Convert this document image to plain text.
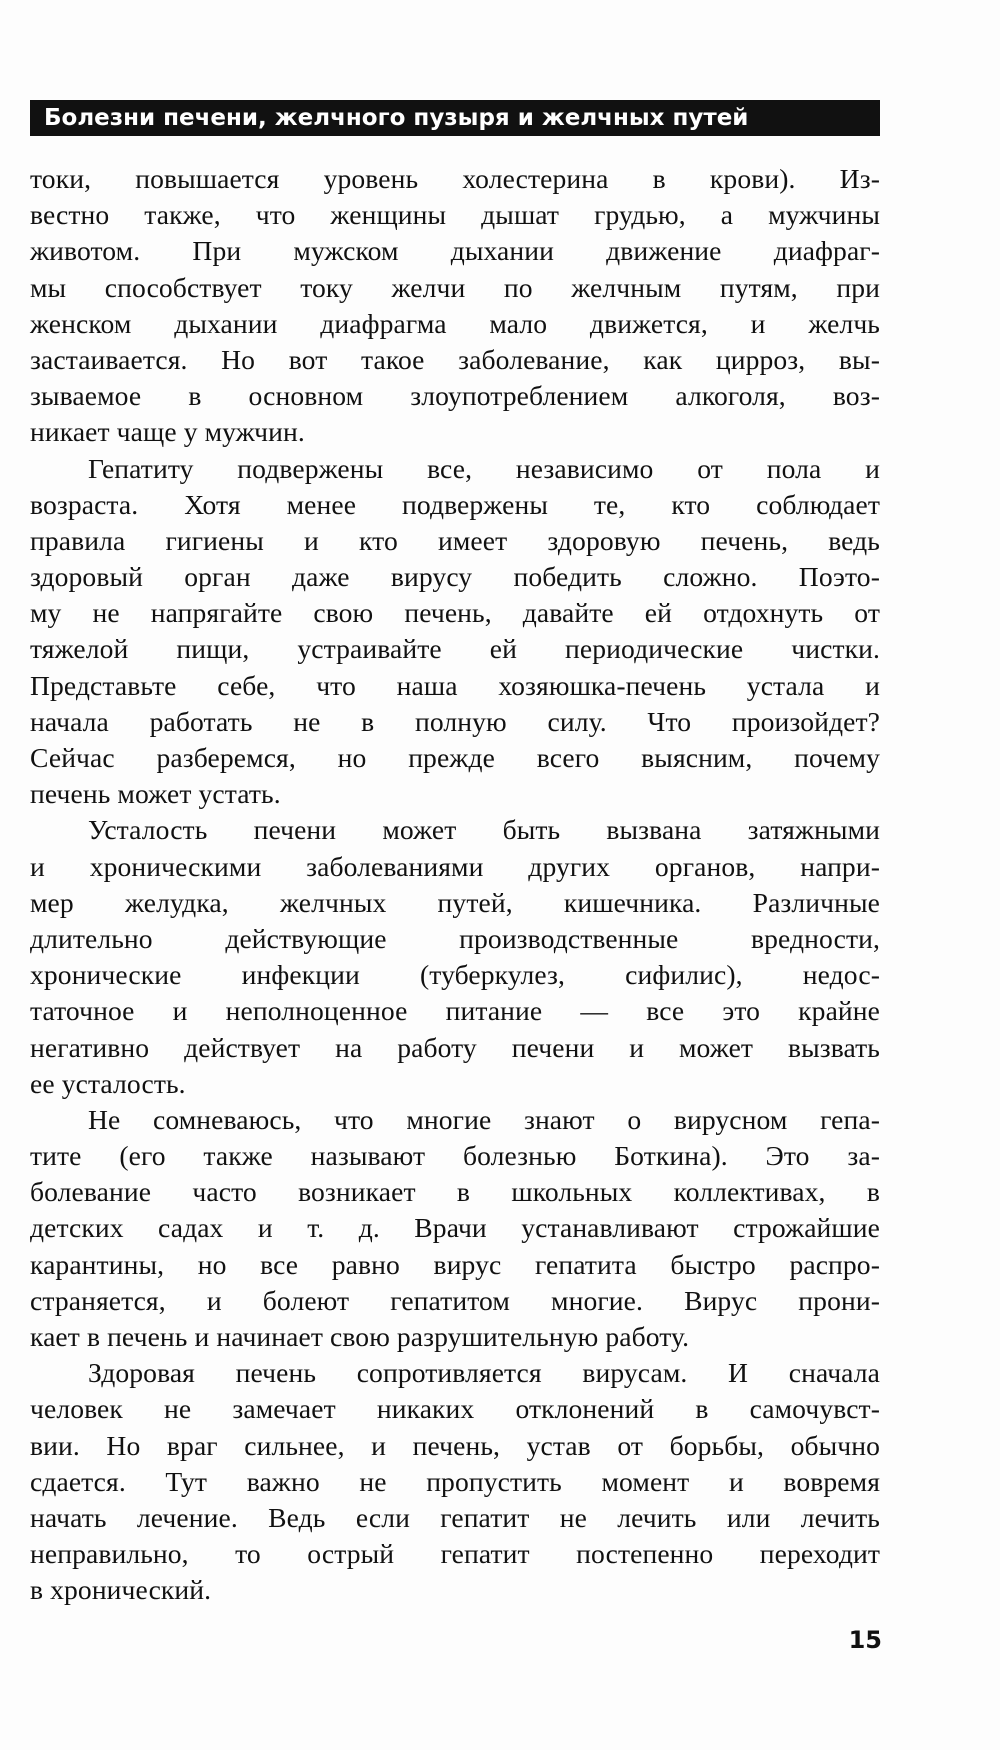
Болезни печени, желчного пузыря и желчных путей
токи, повышается уровень холестерина в крови). Из-
вестно также, что женщины дышат грудью, а мужчины
животом. При мужском дыхании движение диафраг-
мы способствует току желчи по желчным путям, при
женском дыхании диафрагма мало движется, и желчь
застаивается. Но вот такое заболевание, как цирроз, вы-
зываемое в основном злоупотреблением алкоголя, воз-
никает чаще у мужчин.
Гепатиту подвержены все, независимо от пола и
возраста. Хотя менее подвержены те, кто соблюдает
правила гигиены и кто имеет здоровую печень, ведь
здоровый орган даже вирусу победить сложно. Поэто-
му не напрягайте свою печень, давайте ей отдохнуть от
тяжелой пищи, устраивайте ей периодические чистки.
Представьте себе, что наша хозяюшка-печень устала и
начала работать не в полную силу. Что произойдет?
Сейчас разберемся, но прежде всего выясним, почему
печень может устать.
Усталость печени может быть вызвана затяжными
и хроническими заболеваниями других органов, напри-
мер желудка, желчных путей, кишечника. Различные
длительно действующие производственные вредности,
хронические инфекции (туберкулез, сифилис), недос-
таточное и неполноценное питание — все это крайне
негативно действует на работу печени и может вызвать
ее усталость.
Не сомневаюсь, что многие знают о вирусном гепа-
тите (его также называют болезнью Боткина). Это за-
болевание часто возникает в школьных коллективах, в
детских садах и т. д. Врачи устанавливают строжайшие
карантины, но все равно вирус гепатита быстро распро-
страняется, и болеют гепатитом многие. Вирус прони-
кает в печень и начинает свою разрушительную работу.
Здоровая печень сопротивляется вирусам. И сначала
человек не замечает никаких отклонений в самочувст-
вии. Но враг сильнее, и печень, устав от борьбы, обычно
сдается. Тут важно не пропустить момент и вовремя
начать лечение. Ведь если гепатит не лечить или лечить
неправильно, то острый гепатит постепенно переходит
в хронический.
15
